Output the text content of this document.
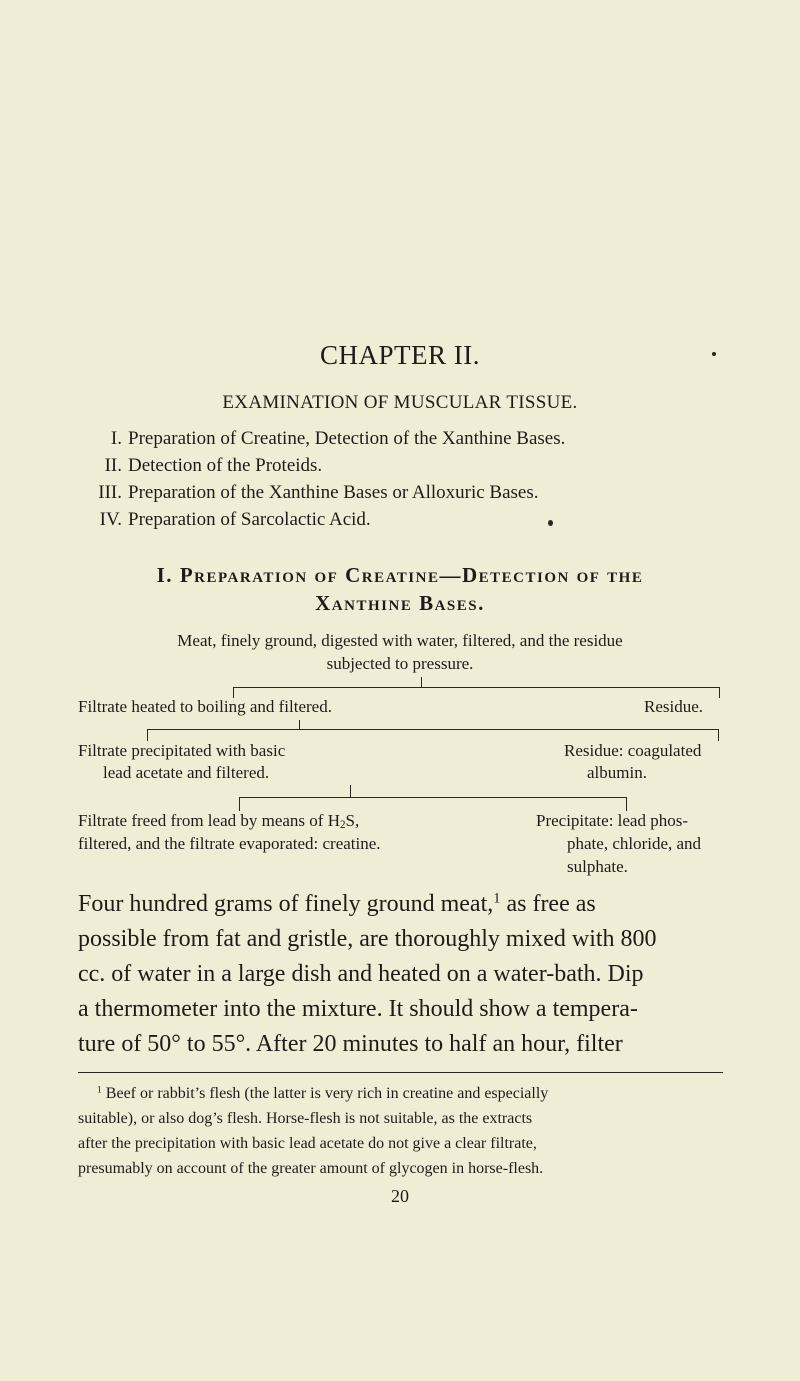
CHAPTER II.
EXAMINATION OF MUSCULAR TISSUE.
I. Preparation of Creatine, Detection of the Xanthine Bases.
II. Detection of the Proteids.
III. Preparation of the Xanthine Bases or Alloxuric Bases.
IV. Preparation of Sarcolactic Acid.
I. Preparation of Creatine—Detection of the
Xanthine Bases.
Meat, finely ground, digested with water, filtered, and the residue
subjected to pressure.
Filtrate heated to boiling and filtered.	Residue.
Filtrate precipitated with basic
lead acetate and filtered.
Residue: coagulated
albumin.
Filtrate freed from lead by means of $H_2S$,
filtered, and the filtrate evaporated: creatine.
Precipitate: lead phos-
phate, chloride, and
sulphate.
Four hundred grams of finely ground meat,$^1$ as free as
possible from fat and gristle, are thoroughly mixed with 800
cc. of water in a large dish and heated on a water-bath. Dip
a thermometer into the mixture. It should show a tempera-
ture of 50° to 55°. After 20 minutes to half an hour, filter
$^1$ Beef or rabbit’s flesh (the latter is very rich in creatine and especially
suitable), or also dog’s flesh. Horse-flesh is not suitable, as the extracts
after the precipitation with basic lead acetate do not give a clear filtrate,
presumably on account of the greater amount of glycogen in horse-flesh.
20
